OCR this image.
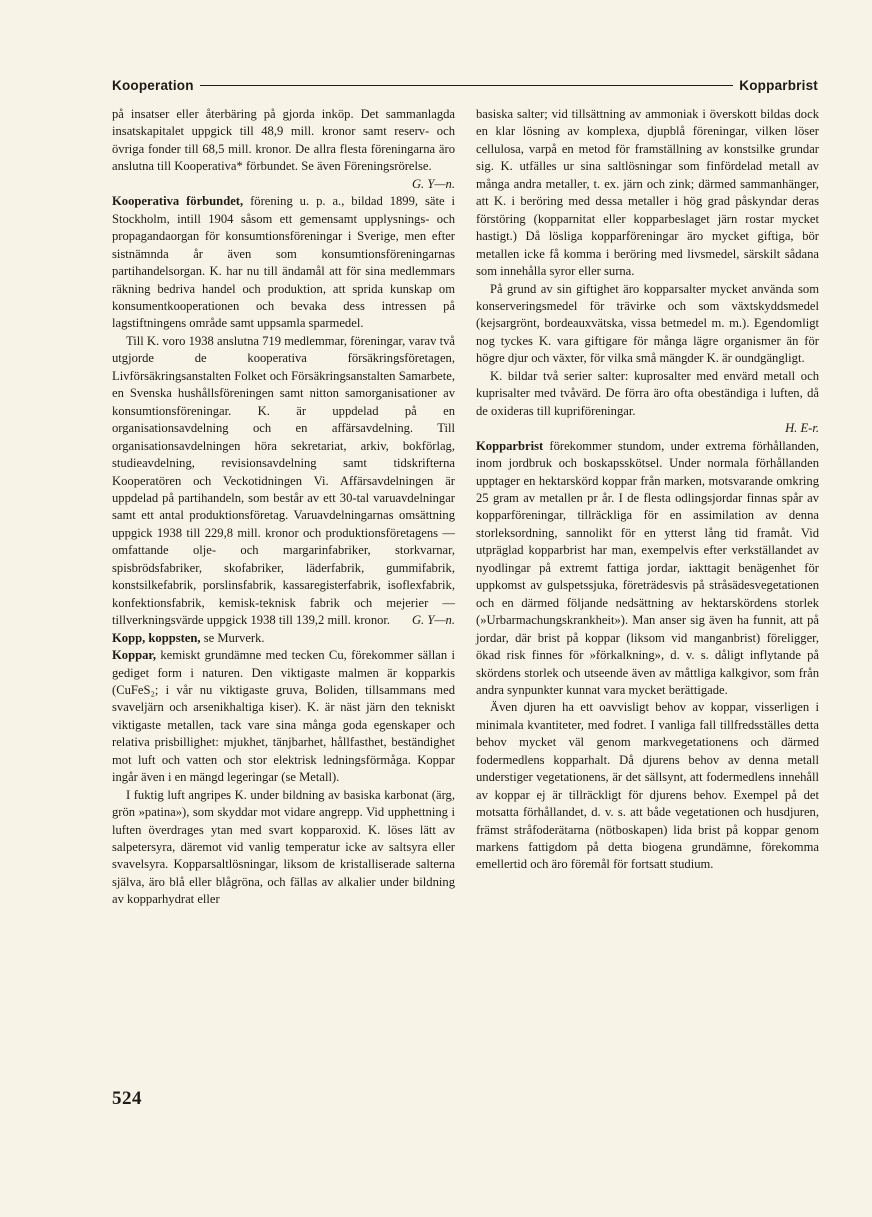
Kooperation	Kopparbrist

på insatser eller återbäring på gjorda inköp. Det sammanlagda insatskapitalet uppgick till 48,9 mill. kronor samt reserv- och övriga fonder till 68,5 mill. kronor. De allra flesta föreningarna äro anslutna till Kooperativa* förbundet. Se även Föreningsrörelse.
G. Y—n.

Kooperativa förbundet, förening u. p. a., bildad 1899, säte i Stockholm, intill 1904 såsom ett gemensamt upplysnings- och propagandaorgan för konsumtionsföreningar i Sverige, men efter sistnämnda år även som konsumtionsföreningarnas partihandelsorgan. K. har nu till ändamål att för sina medlemmars räkning bedriva handel och produktion, att sprida kunskap om konsumentkooperationen och bevaka dess intressen på lagstiftningens område samt uppsamla sparmedel.

Till K. voro 1938 anslutna 719 medlemmar, föreningar, varav två utgjorde de kooperativa försäkringsföretagen, Livförsäkringsanstalten Folket och Försäkringsanstalten Samarbete, en Svenska hushållsföreningen samt nitton samorganisationer av konsumtionsföreningar. K. är uppdelad på en organisationsavdelning och en affärsavdelning. Till organisationsavdelningen höra sekretariat, arkiv, bokförlag, studieavdelning, revisionsavdelning samt tidskrifterna Kooperatören och Veckotidningen Vi. Affärsavdelningen är uppdelad på partihandeln, som består av ett 30-tal varuavdelningar samt ett antal produktionsföretag. Varuavdelningarnas omsättning uppgick 1938 till 229,8 mill. kronor och produktionsföretagens — omfattande olje- och margarinfabriker, storkvarnar, spisbrödsfabriker, skofabriker, läderfabrik, gummifabrik, konstsilkefabrik, porslinsfabrik, kassaregisterfabrik, isoflexfabrik, konfektionsfabrik, kemisk-teknisk fabrik och mejerier — tillverkningsvärde uppgick 1938 till 139,2 mill. kronor.	G. Y—n.

Kopp, koppsten, se Murverk.

Koppar, kemiskt grundämne med tecken Cu, förekommer sällan i gediget form i naturen. Den viktigaste malmen är kopparkis (CuFeS₂; i vår nu viktigaste gruva, Boliden, tillsammans med svaveljärn och arsenikhaltiga kiser). K. är näst järn den tekniskt viktigaste metallen, tack vare sina många goda egenskaper och relativa prisbillighet: mjukhet, tänjbarhet, hållfasthet, beständighet mot luft och vatten och stor elektrisk ledningsförmåga. Koppar ingår även i en mängd legeringar (se Metall).

I fuktig luft angripes K. under bildning av basiska karbonat (ärg, grön »patina»), som skyddar mot vidare angrepp. Vid upphettning i luften överdrages ytan med svart kopparoxid. K. löses lätt av salpetersyra, däremot vid vanlig temperatur icke av saltsyra eller svavelsyra. Kopparsaltlösningar, liksom de kristalliserade salterna själva, äro blå eller blågröna, och fällas av alkalier under bildning av kopparhydrat eller

basiska salter; vid tillsättning av ammoniak i överskott bildas dock en klar lösning av komplexa, djupblå föreningar, vilken löser cellulosa, varpå en metod för framställning av konstsilke grundar sig. K. utfälles ur sina saltlösningar som finfördelad metall av många andra metaller, t. ex. järn och zink; därmed sammanhänger, att K. i beröring med dessa metaller i hög grad påskyndar deras förstöring (kopparnitat eller kopparbeslaget järn rostar mycket hastigt.) Då lösliga kopparföreningar äro mycket giftiga, bör metallen icke få komma i beröring med livsmedel, särskilt sådana som innehålla syror eller surna.

På grund av sin giftighet äro kopparsalter mycket använda som konserveringsmedel för trävirke och som växtskyddsmedel (kejsargrönt, bordeauxvätska, vissa betmedel m. m.). Egendomligt nog tyckes K. vara giftigare för många lägre organismer än för högre djur och växter, för vilka små mängder K. är oundgängligt.

K. bildar två serier salter: kuprosalter med envärd metall och kuprisalter med tvåvärd. De förra äro ofta obeständiga i luften, då de oxideras till kupriföreningar.
H. E-r.

Kopparbrist förekommer stundom, under extrema förhållanden, inom jordbruk och boskapsskötsel. Under normala förhållanden upptager en hektarskörd koppar från marken, motsvarande omkring 25 gram av metallen pr år. I de flesta odlingsjordar finnas spår av kopparföreningar, tillräckliga för en assimilation av denna storleksordning, sannolikt för en ytterst lång tid framåt. Vid utpräglad kopparbrist har man, exempelvis efter verkställandet av nyodlingar på extremt fattiga jordar, iakttagit benägenhet för uppkomst av gulspetssjuka, företrädesvis på stråsädesvegetationen och en därmed följande nedsättning av hektarskördens storlek (»Urbarmachungskrankheit»). Man anser sig även ha funnit, att på jordar, där brist på koppar (liksom vid manganbrist) föreligger, ökad risk finnes för »förkalkning», d. v. s. dåligt inflytande på skördens storlek och utseende även av måttliga kalkgivor, som från andra synpunkter kunnat vara mycket berättigade.

Även djuren ha ett oavvisligt behov av koppar, visserligen i minimala kvantiteter, med fodret. I vanliga fall tillfredsställes detta behov mycket väl genom markvegetationens och därmed fodermedlens kopparhalt. Då djurens behov av denna metall understiger vegetationens, är det sällsynt, att fodermedlens innehåll av koppar ej är tillräckligt för djurens behov. Exempel på det motsatta förhållandet, d. v. s. att både vegetationen och husdjuren, främst stråfoderätarna (nötboskapen) lida brist på koppar genom markens fattigdom på detta biogena grundämne, förekomma emellertid och äro föremål för fortsatt studium.

524
